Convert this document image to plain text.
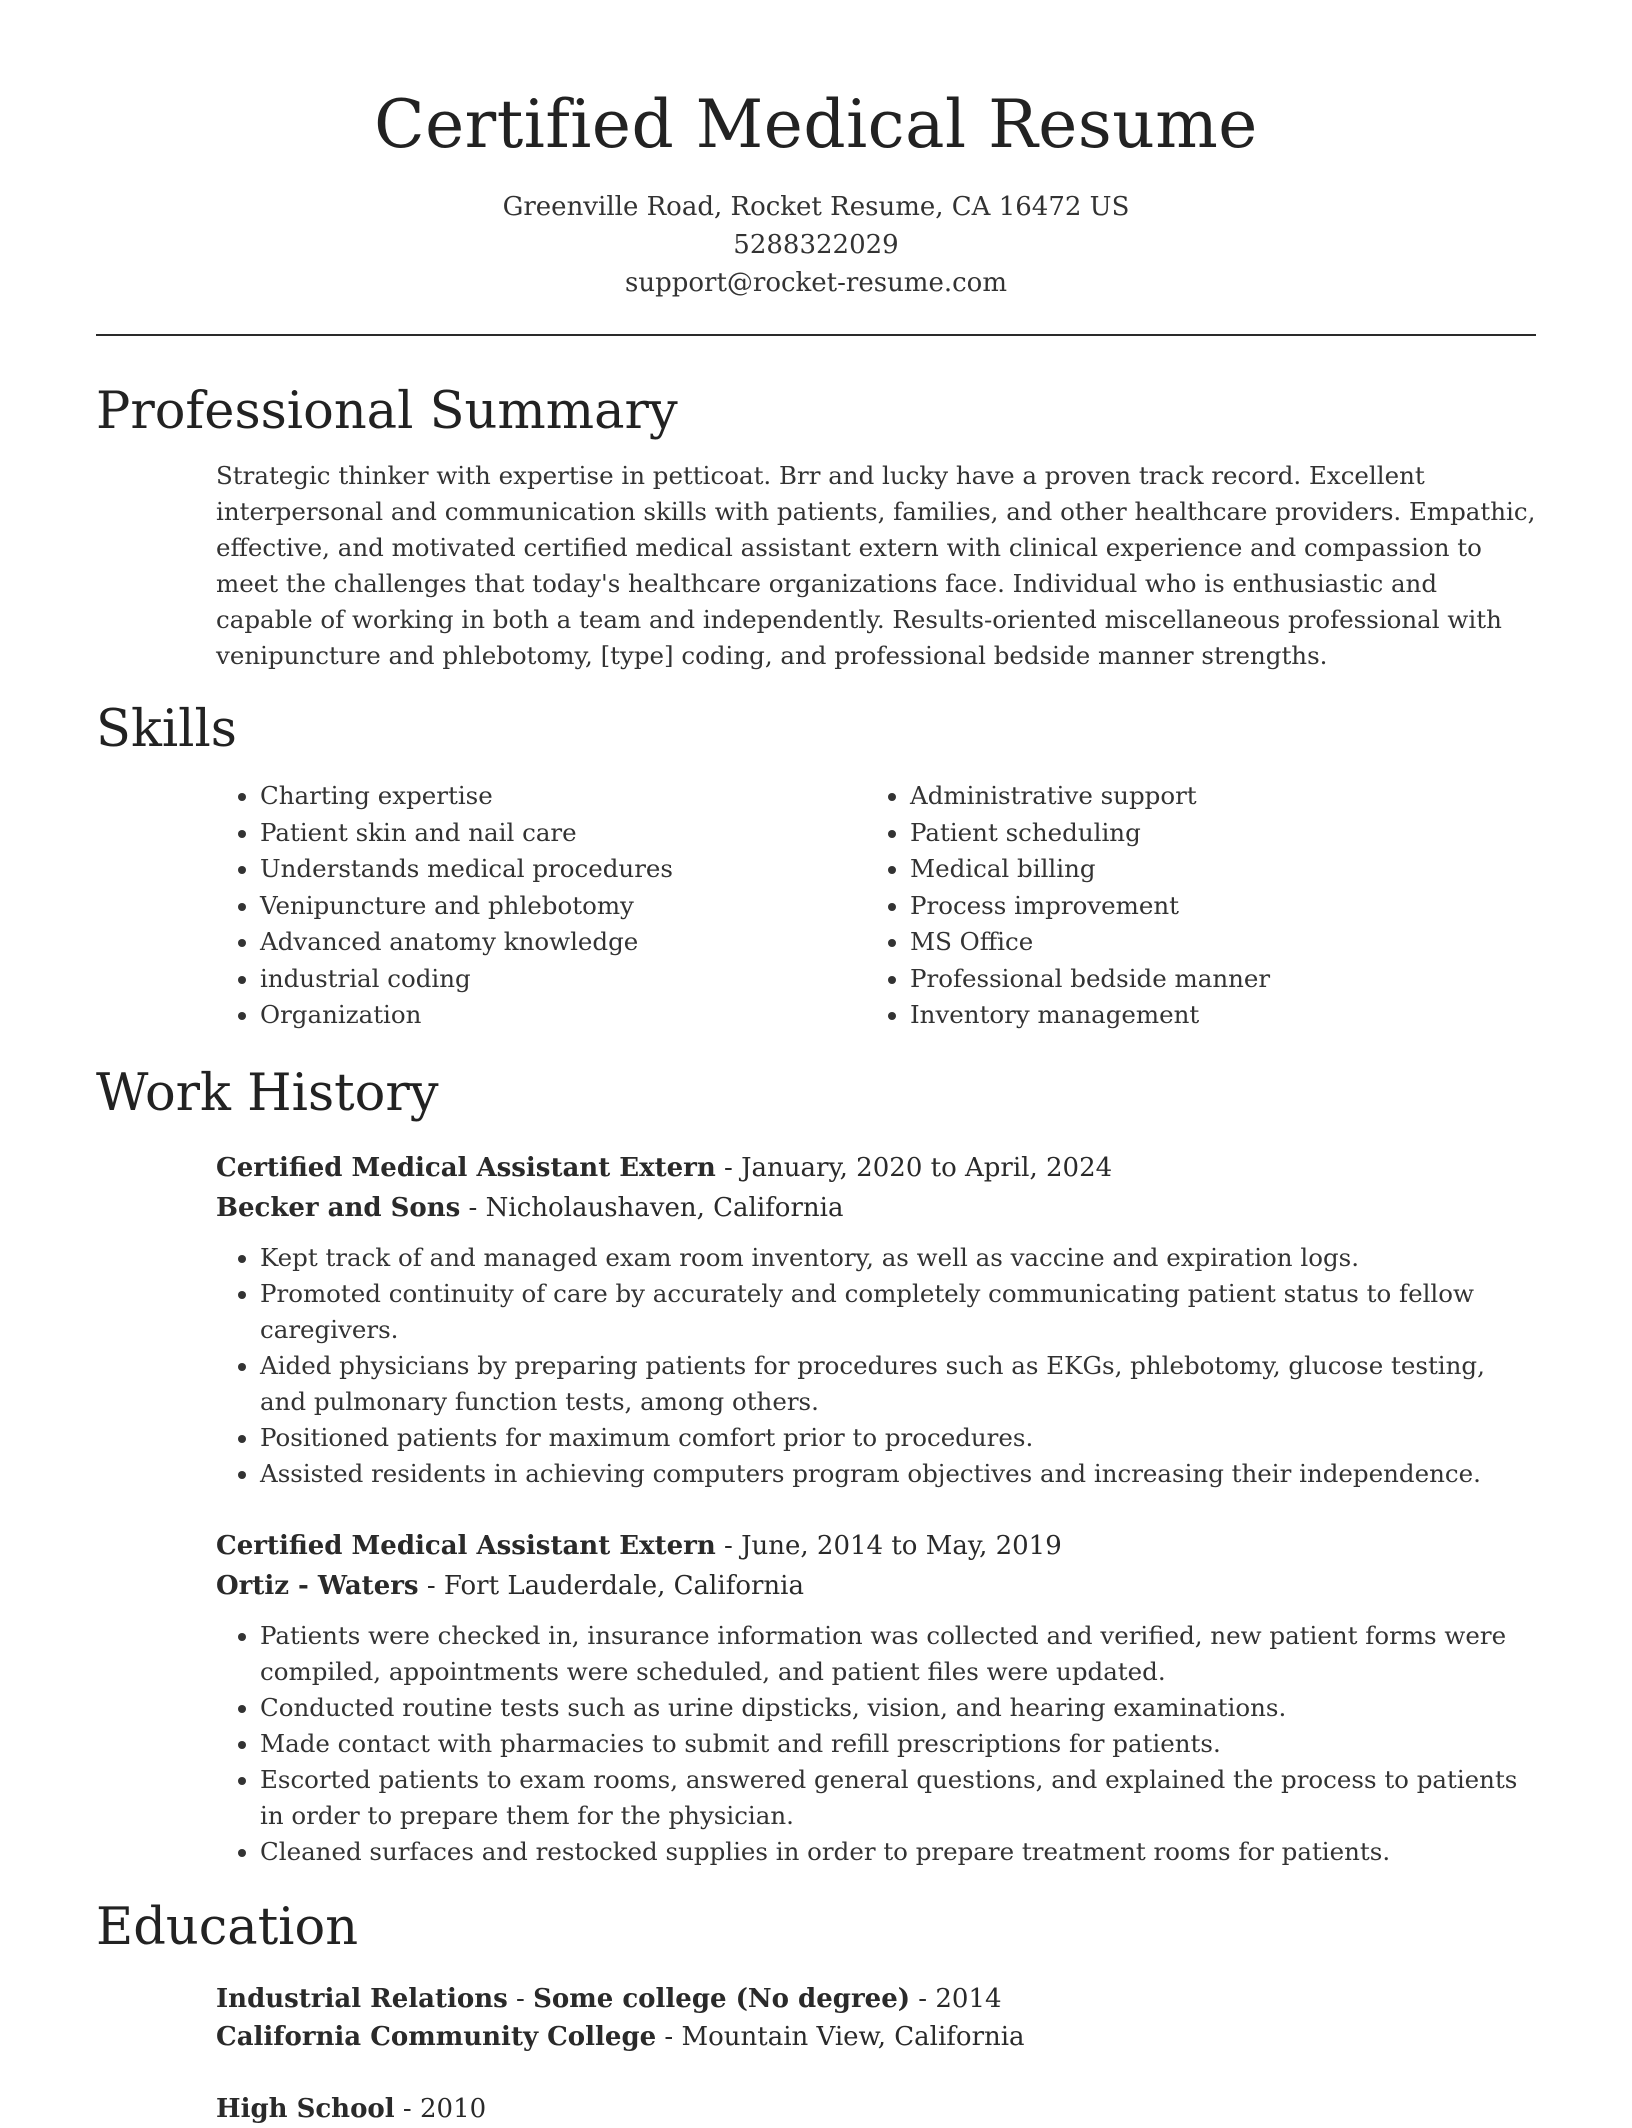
Certified Medical Resume
Greenville Road, Rocket Resume, CA 16472 US
5288322029
support@rocket-resume.com
Professional Summary

Strategic thinker with expertise in petticoat. Brr and lucky have a proven track record. Excellent interpersonal and communication skills with patients, families, and other healthcare providers. Empathic, effective, and motivated certified medical assistant extern with clinical experience and compassion to meet the challenges that today's healthcare organizations face. Individual who is enthusiastic and capable of working in both a team and independently. Results-oriented miscellaneous professional with venipuncture and phlebotomy, [type] coding, and professional bedside manner strengths.

Skills
• Charting expertise
• Patient skin and nail care
• Understands medical procedures
• Venipuncture and phlebotomy
• Advanced anatomy knowledge
• industrial coding
• Organization
• Administrative support
• Patient scheduling
• Medical billing
• Process improvement
• MS Office
• Professional bedside manner
• Inventory management
Work History
Certified Medical Assistant Extern - January, 2020 to April, 2024
Becker and Sons - Nicholaushaven, California
• Kept track of and managed exam room inventory, as well as vaccine and expiration logs.
• Promoted continuity of care by accurately and completely communicating patient status to fellow caregivers.
• Aided physicians by preparing patients for procedures such as EKGs, phlebotomy, glucose testing, and pulmonary function tests, among others.
• Positioned patients for maximum comfort prior to procedures.
• Assisted residents in achieving computers program objectives and increasing their independence.
Certified Medical Assistant Extern - June, 2014 to May, 2019
Ortiz - Waters - Fort Lauderdale, California
• Patients were checked in, insurance information was collected and verified, new patient forms were compiled, appointments were scheduled, and patient files were updated.
• Conducted routine tests such as urine dipsticks, vision, and hearing examinations.
• Made contact with pharmacies to submit and refill prescriptions for patients.
• Escorted patients to exam rooms, answered general questions, and explained the process to patients in order to prepare them for the physician.
• Cleaned surfaces and restocked supplies in order to prepare treatment rooms for patients.
Education
Industrial Relations - Some college (No degree) - 2014
California Community College - Mountain View, California
High School - 2010
